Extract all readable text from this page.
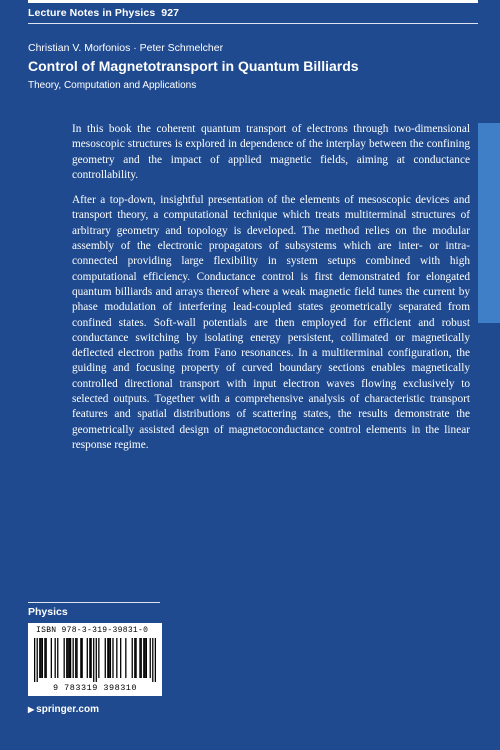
Lecture Notes in Physics 927
Christian V. Morfonios · Peter Schmelcher
Control of Magnetotransport in Quantum Billiards
Theory, Computation and Applications

In this book the coherent quantum transport of electrons through two-dimensional mesoscopic structures is explored in dependence of the interplay between the confining geometry and the impact of applied magnetic fields, aiming at conductance controllability.

After a top-down, insightful presentation of the elements of mesoscopic devices and transport theory, a computational technique which treats multiterminal structures of arbitrary geometry and topology is developed. The method relies on the modular assembly of the electronic propagators of subsystems which are inter- or intra-connected providing large flexibility in system setups combined with high computational efficiency. Conductance control is first demonstrated for elongated quantum billiards and arrays thereof where a weak magnetic field tunes the current by phase modulation of interfering lead-coupled states geometrically separated from confined states. Soft-wall potentials are then employed for efficient and robust conductance switching by isolating energy persistent, collimated or magnetically deflected electron paths from Fano resonances. In a multiterminal configuration, the guiding and focusing property of curved boundary sections enables magnetically controlled directional transport with input electron waves flowing exclusively to selected outputs. Together with a comprehensive analysis of characteristic transport features and spatial distributions of scattering states, the results demonstrate the geometrically assisted design of magnetoconductance control elements in the linear response regime.

Physics
ISBN 978-3-319-39831-0
9 783319 398310
▶ springer.com
